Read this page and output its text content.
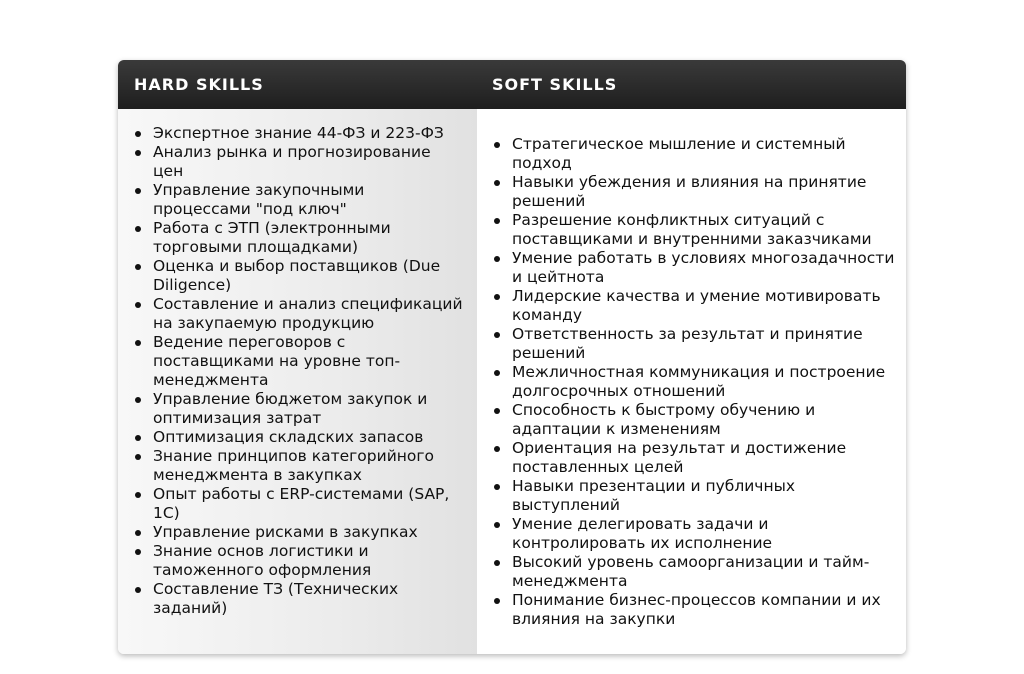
HARD SKILLS	SOFT SKILLS
Экспертное знание 44-ФЗ и 223-ФЗ
Анализ рынка и прогнозирование цен
Управление закупочными процессами "под ключ"
Работа с ЭТП (электронными торговыми площадками)
Оценка и выбор поставщиков (Due Diligence)
Составление и анализ спецификаций на закупаемую продукцию
Ведение переговоров с поставщиками на уровне топ-менеджмента
Управление бюджетом закупок и оптимизация затрат
Оптимизация складских запасов
Знание принципов категорийного менеджмента в закупках
Опыт работы с ERP-системами (SAP, 1С)
Управление рисками в закупках
Знание основ логистики и таможенного оформления
Составление ТЗ (Технических заданий)
Стратегическое мышление и системный подход
Навыки убеждения и влияния на принятие решений
Разрешение конфликтных ситуаций с поставщиками и внутренними заказчиками
Умение работать в условиях многозадачности и цейтнота
Лидерские качества и умение мотивировать команду
Ответственность за результат и принятие решений
Межличностная коммуникация и построение долгосрочных отношений
Способность к быстрому обучению и адаптации к изменениям
Ориентация на результат и достижение поставленных целей
Навыки презентации и публичных выступлений
Умение делегировать задачи и контролировать их исполнение
Высокий уровень самоорганизации и тайм-менеджмента
Понимание бизнес-процессов компании и их влияния на закупки
